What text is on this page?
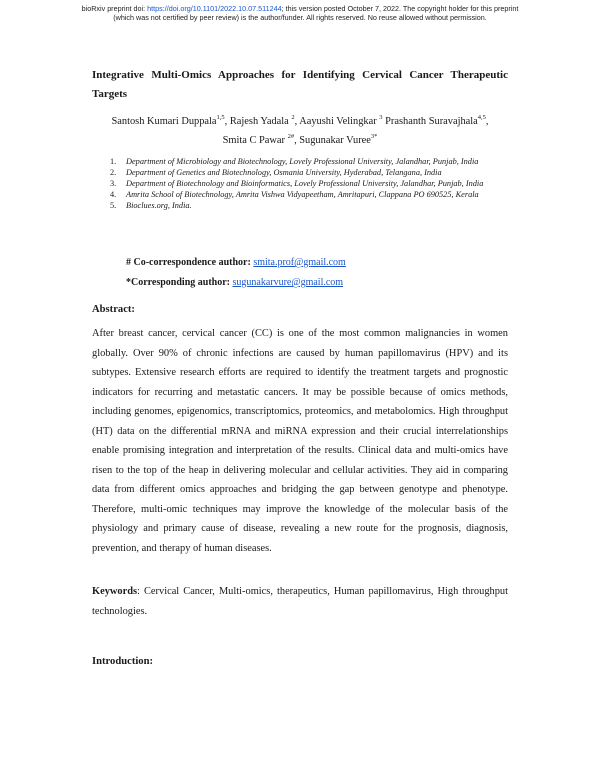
bioRxiv preprint doi: https://doi.org/10.1101/2022.10.07.511244; this version posted October 7, 2022. The copyright holder for this preprint
(which was not certified by peer review) is the author/funder. All rights reserved. No reuse allowed without permission.
Integrative Multi-Omics Approaches for Identifying Cervical Cancer Therapeutic Targets
Santosh Kumari Duppala$^{1,5}$, Rajesh Yadala $^2$, Aayushi Velingkar $^3$ Prashanth Suravajhala$^{4,5}$,
Smita C Pawar $^{2\#}$, Sugunakar Vuree$^{3*}$
1.	Department of Microbiology and Biotechnology, Lovely Professional University, Jalandhar, Punjab, India
2.	Department of Genetics and Biotechnology, Osmania University, Hyderabad, Telangana, India
3.	Department of Biotechnology and Bioinformatics, Lovely Professional University, Jalandhar, Punjab, India
4.	Amrita School of Biotechnology, Amrita Vishwa Vidyapeetham, Amritapuri, Clappana PO 690525, Kerala
5.	Bioclues.org, India.
# Co-correspondence author: smita.prof@gmail.com
*Corresponding author: sugunakarvure@gmail.com
Abstract:

After breast cancer, cervical cancer (CC) is one of the most common malignancies in women globally. Over 90% of chronic infections are caused by human papillomavirus (HPV) and its subtypes. Extensive research efforts are required to identify the treatment targets and prognostic indicators for recurring and metastatic cancers. It may be possible because of omics methods, including genomes, epigenomics, transcriptomics, proteomics, and metabolomics. High throughput (HT) data on the differential mRNA and miRNA expression and their crucial interrelationships enable promising integration and interpretation of the results. Clinical data and multi-omics have risen to the top of the heap in delivering molecular and cellular activities. They aid in comparing data from different omics approaches and bridging the gap between genotype and phenotype. Therefore, multi-omic techniques may improve the knowledge of the molecular basis of the physiology and primary cause of disease, revealing a new route for the prognosis, diagnosis, prevention, and therapy of human diseases.

Keywords: Cervical Cancer, Multi-omics, therapeutics, Human papillomavirus, High throughput technologies.

Introduction:
